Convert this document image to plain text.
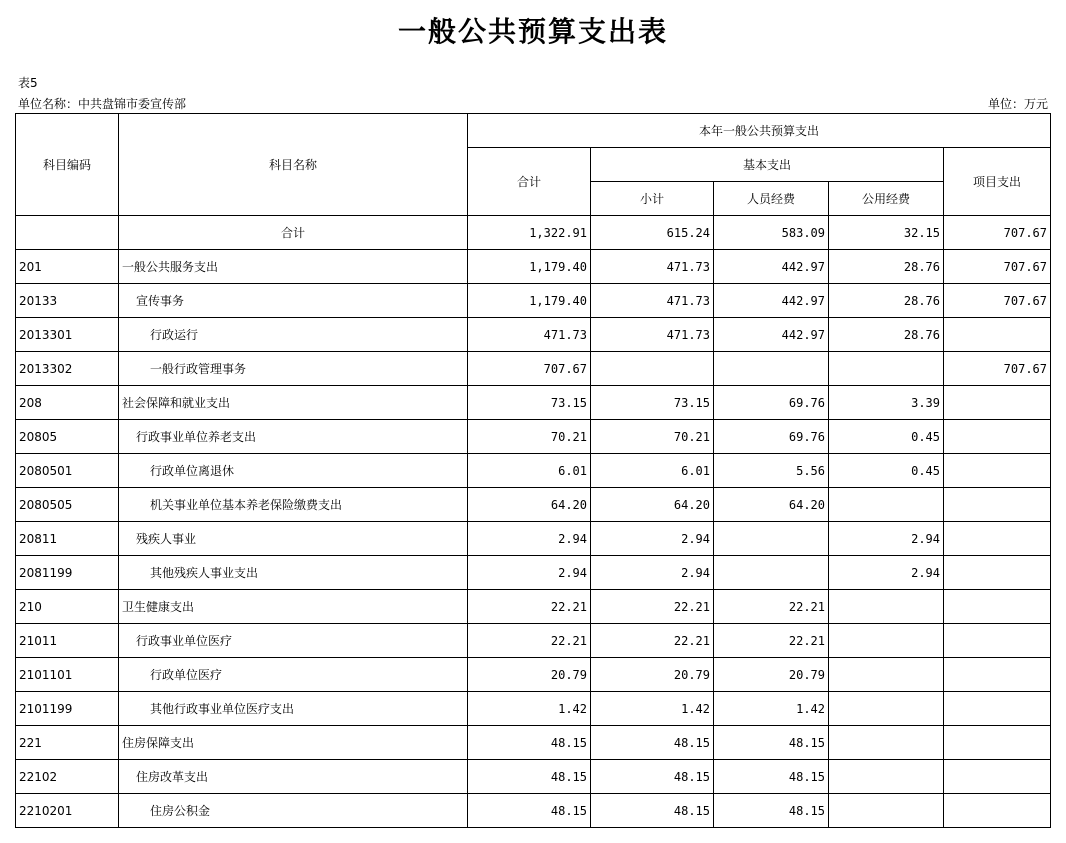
一般公共预算支出表
表5
单位名称：中共盘锦市委宣传部	单位：万元
科目编码	科目名称	本年一般公共预算支出				
		合计	基本支出			项目支出
			小计	人员经费	公用经费	
	合计	1,322.91	615.24	583.09	32.15	707.67
201	一般公共服务支出	1,179.40	471.73	442.97	28.76	707.67
20133	宣传事务	1,179.40	471.73	442.97	28.76	707.67
2013301	行政运行	471.73	471.73	442.97	28.76	
2013302	一般行政管理事务	707.67				707.67
208	社会保障和就业支出	73.15	73.15	69.76	3.39	
20805	行政事业单位养老支出	70.21	70.21	69.76	0.45	
2080501	行政单位离退休	6.01	6.01	5.56	0.45	
2080505	机关事业单位基本养老保险缴费支出	64.20	64.20	64.20		
20811	残疾人事业	2.94	2.94		2.94	
2081199	其他残疾人事业支出	2.94	2.94		2.94	
210	卫生健康支出	22.21	22.21	22.21		
21011	行政事业单位医疗	22.21	22.21	22.21		
2101101	行政单位医疗	20.79	20.79	20.79		
2101199	其他行政事业单位医疗支出	1.42	1.42	1.42		
221	住房保障支出	48.15	48.15	48.15		
22102	住房改革支出	48.15	48.15	48.15		
2210201	住房公积金	48.15	48.15	48.15		
